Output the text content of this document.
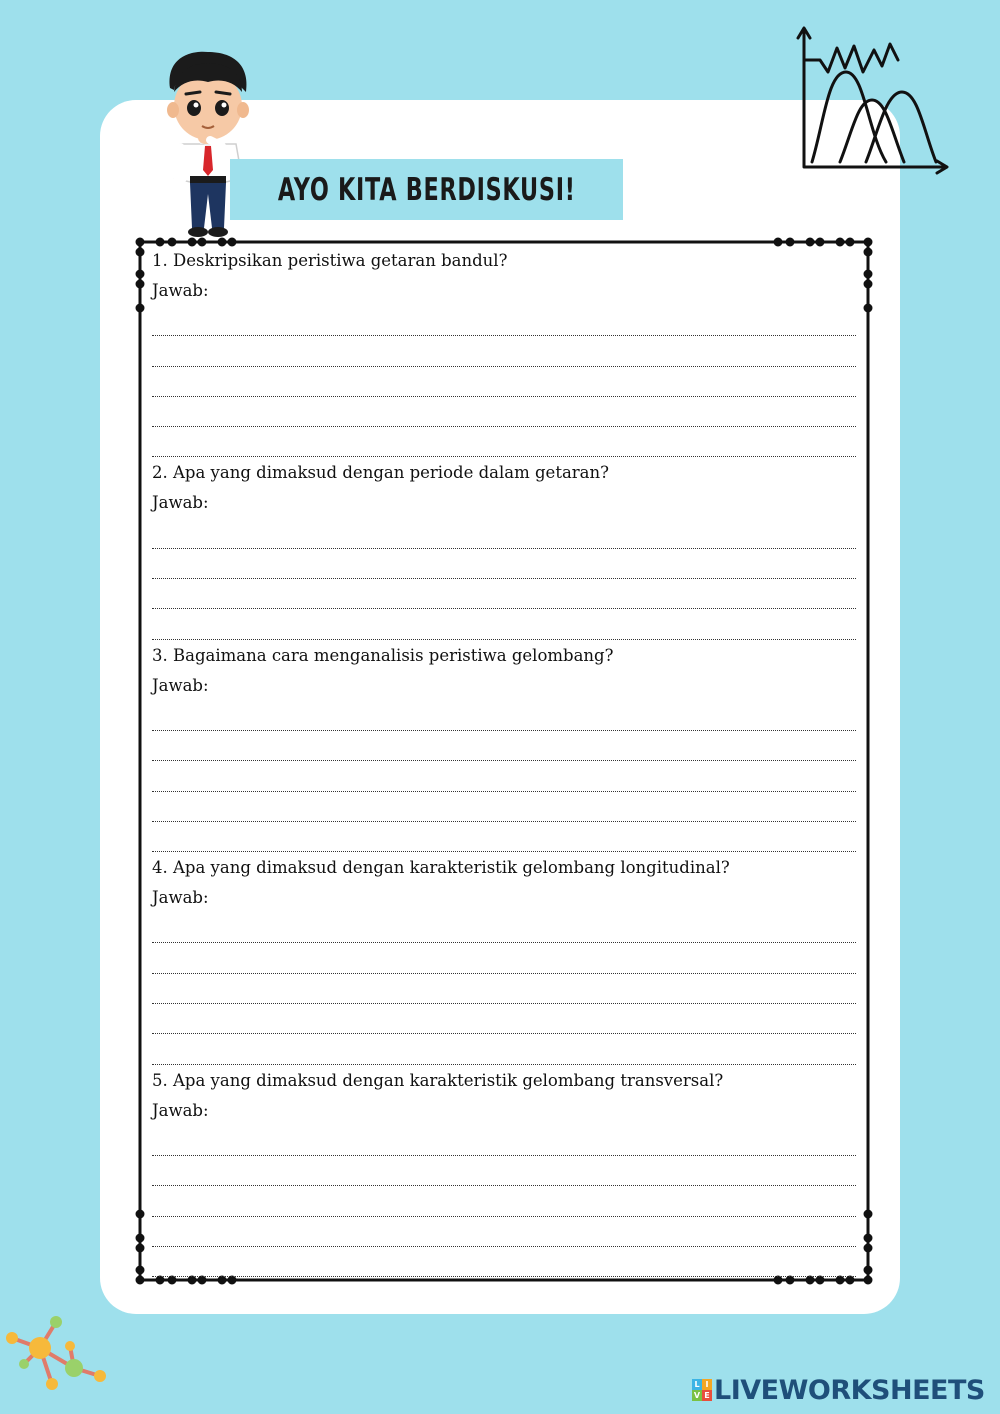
AYO KITA BERDISKUSI!

1. Deskripsikan peristiwa getaran bandul?

Jawab:

2. Apa yang dimaksud dengan periode dalam getaran?

Jawab:

3. Bagaimana cara menganalisis peristiwa gelombang?

Jawab:

4. Apa yang dimaksud dengan karakteristik gelombang longitudinal?

Jawab:

5. Apa yang dimaksud dengan karakteristik gelombang transversal?

Jawab:

L I
V E LIVEWORKSHEETS
